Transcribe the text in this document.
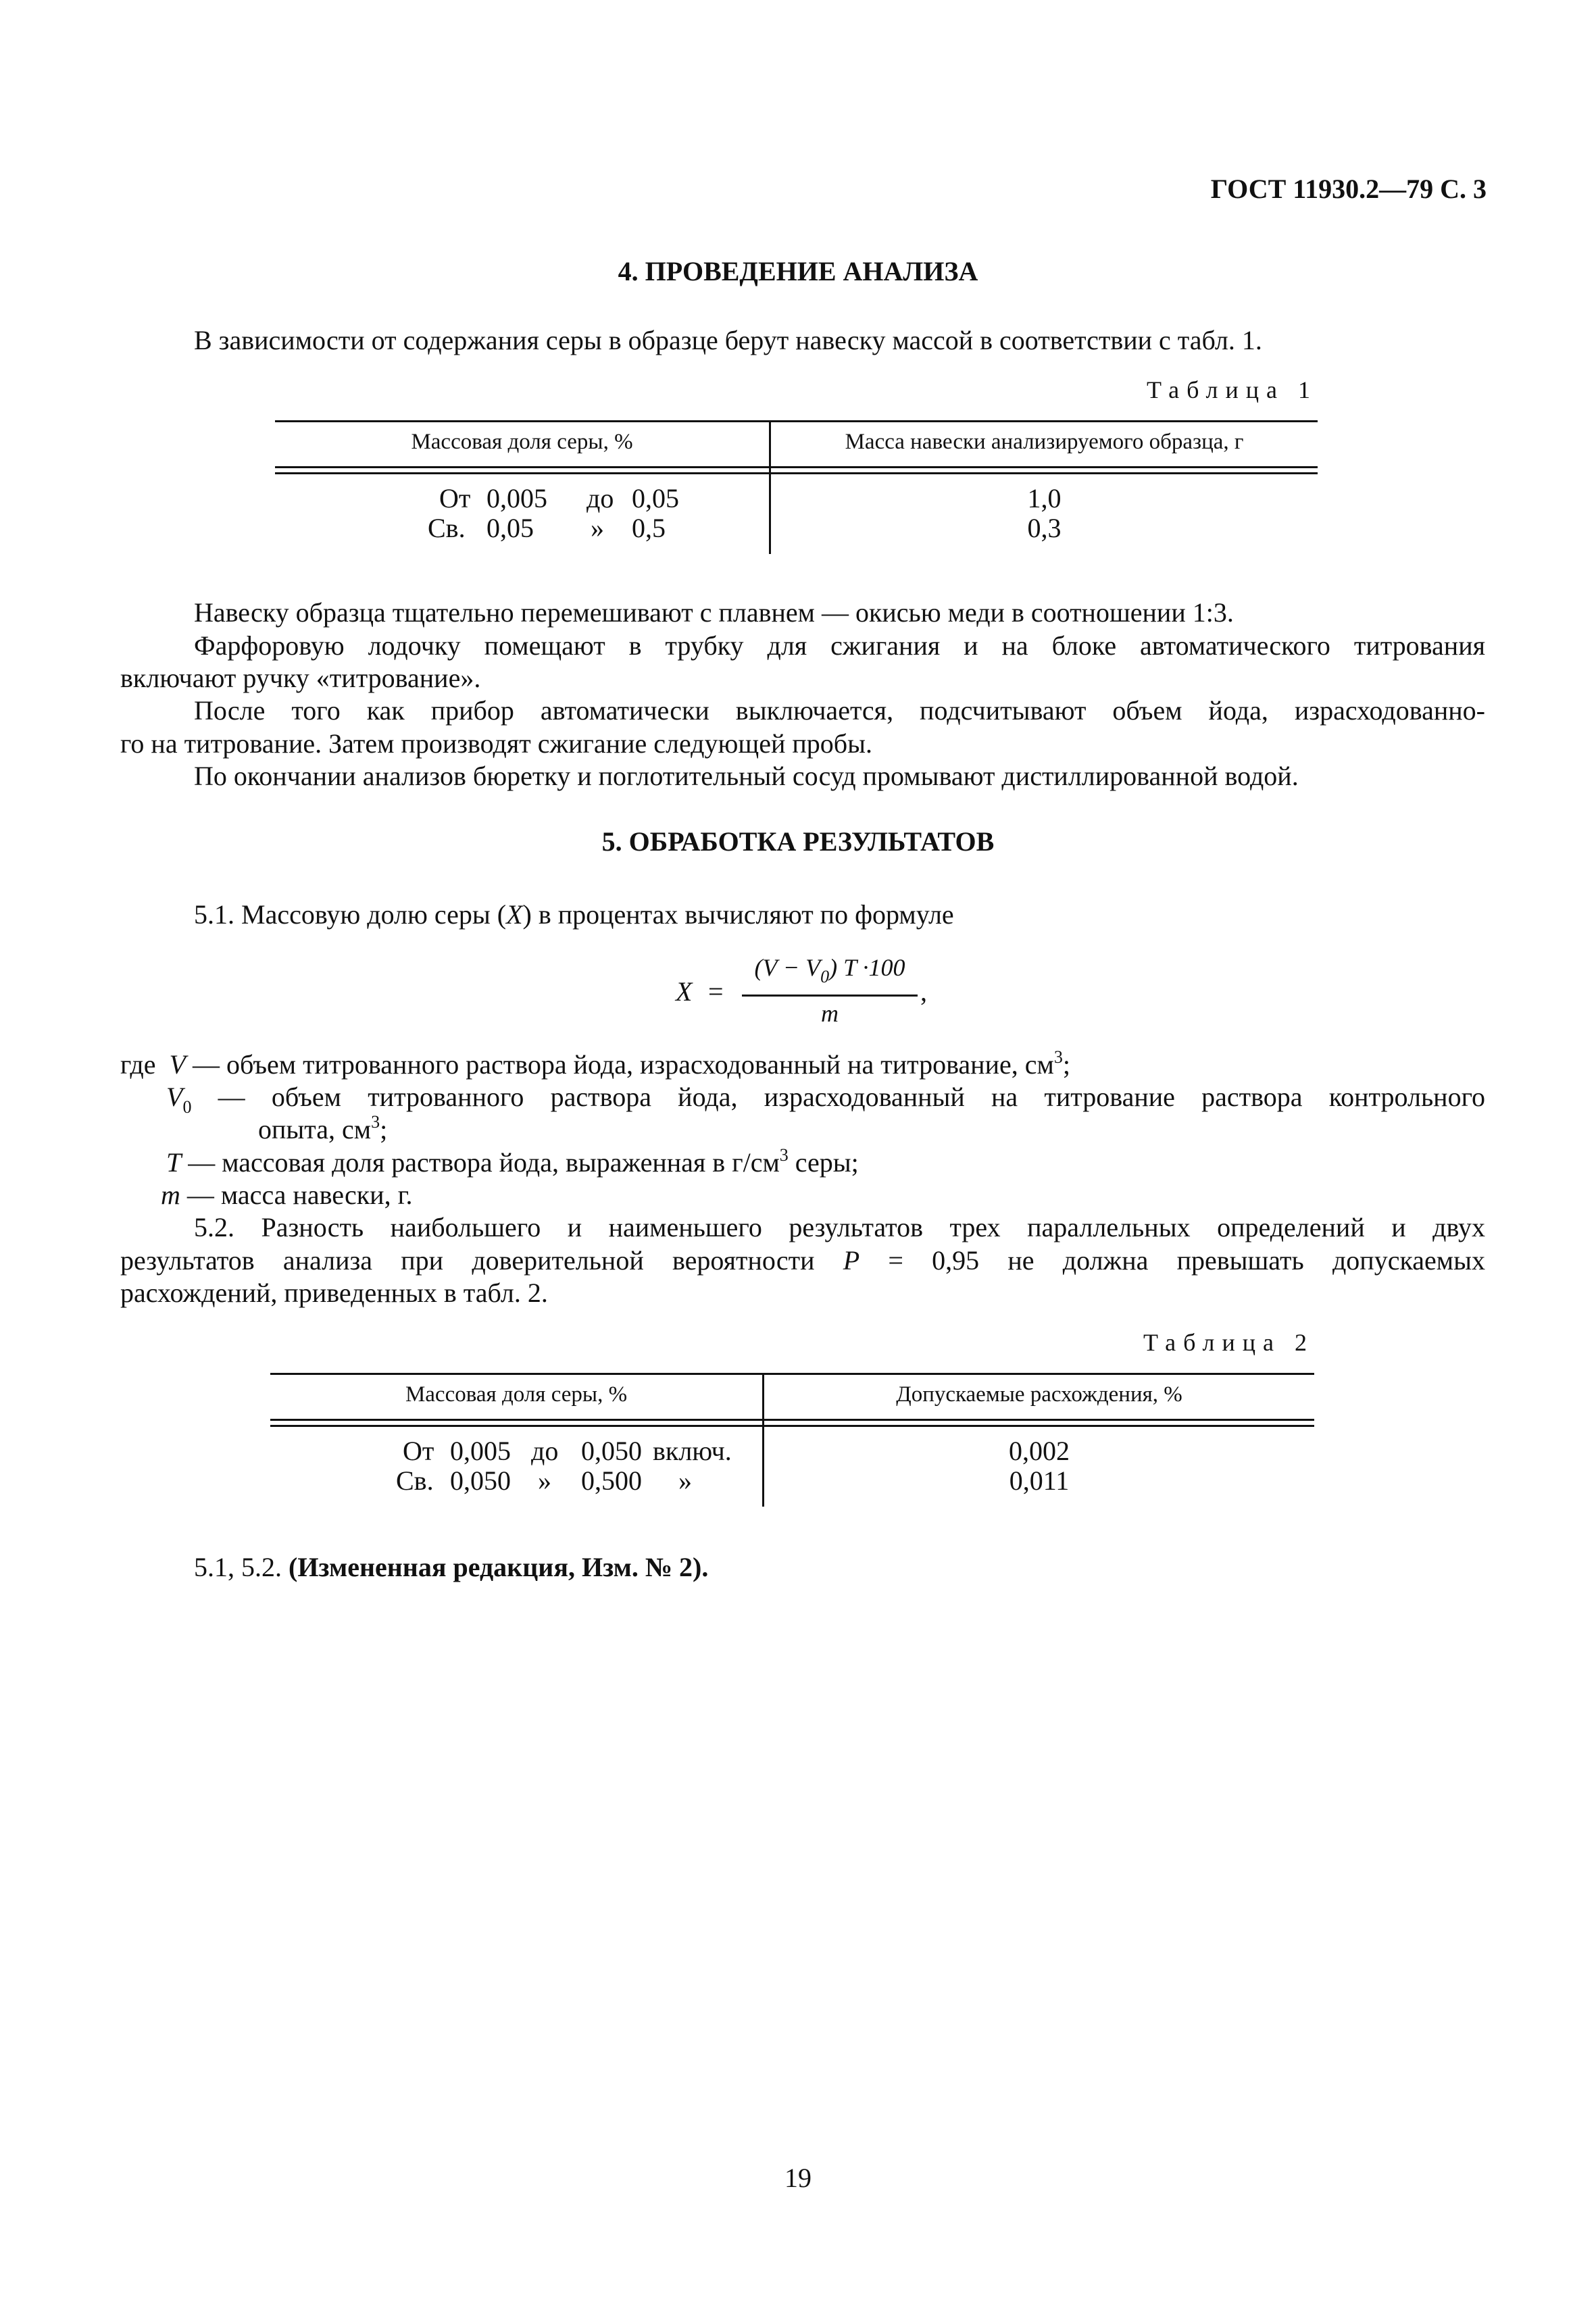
ГОСТ 11930.2—79 С. 3
4. ПРОВЕДЕНИЕ АНАЛИЗА
В зависимости от содержания серы в образце берут навеску массой в соответствии с табл. 1.
Таблица 1
Массовая доля серы, %	Масса навески анализируемого образца, г
От 0,005 до 0,05	1,0
Св. 0,05 » 0,5	0,3
Навеску образца тщательно перемешивают с плавнем — окисью меди в соотношении 1:3.
Фарфоровую лодочку помещают в трубку для сжигания и на блоке автоматического титрования
включают ручку «титрование».
После того как прибор автоматически выключается, подсчитывают объем йода, израсходованно-
го на титрование. Затем производят сжигание следующей пробы.
По окончании анализов бюретку и поглотительный сосуд промывают дистиллированной водой.
5. ОБРАБОТКА РЕЗУЛЬТАТОВ
5.1. Массовую долю серы (X) в процентах вычисляют по формуле
X =
$(V - V_0)$ T ·100
m
,
где V — объем титрованного раствора йода, израсходованный на титрование, $см^3$;
$V_0$ — объем титрованного раствора йода, израсходованный на титрование раствора контрольного
опыта, $см^3$;
T — массовая доля раствора йода, выраженная в $г/см^3$ серы;
m — масса навески, г.
5.2. Разность наибольшего и наименьшего результатов трех параллельных определений и двух
результатов анализа при доверительной вероятности P = 0,95 не должна превышать допускаемых
расхождений, приведенных в табл. 2.
Таблица 2
Массовая доля серы, %	Допускаемые расхождения, %
От 0,005 до 0,050 включ.	0,002
Св. 0,050 » 0,500 »	0,011
5.1, 5.2. (Измененная редакция, Изм. № 2).
19
